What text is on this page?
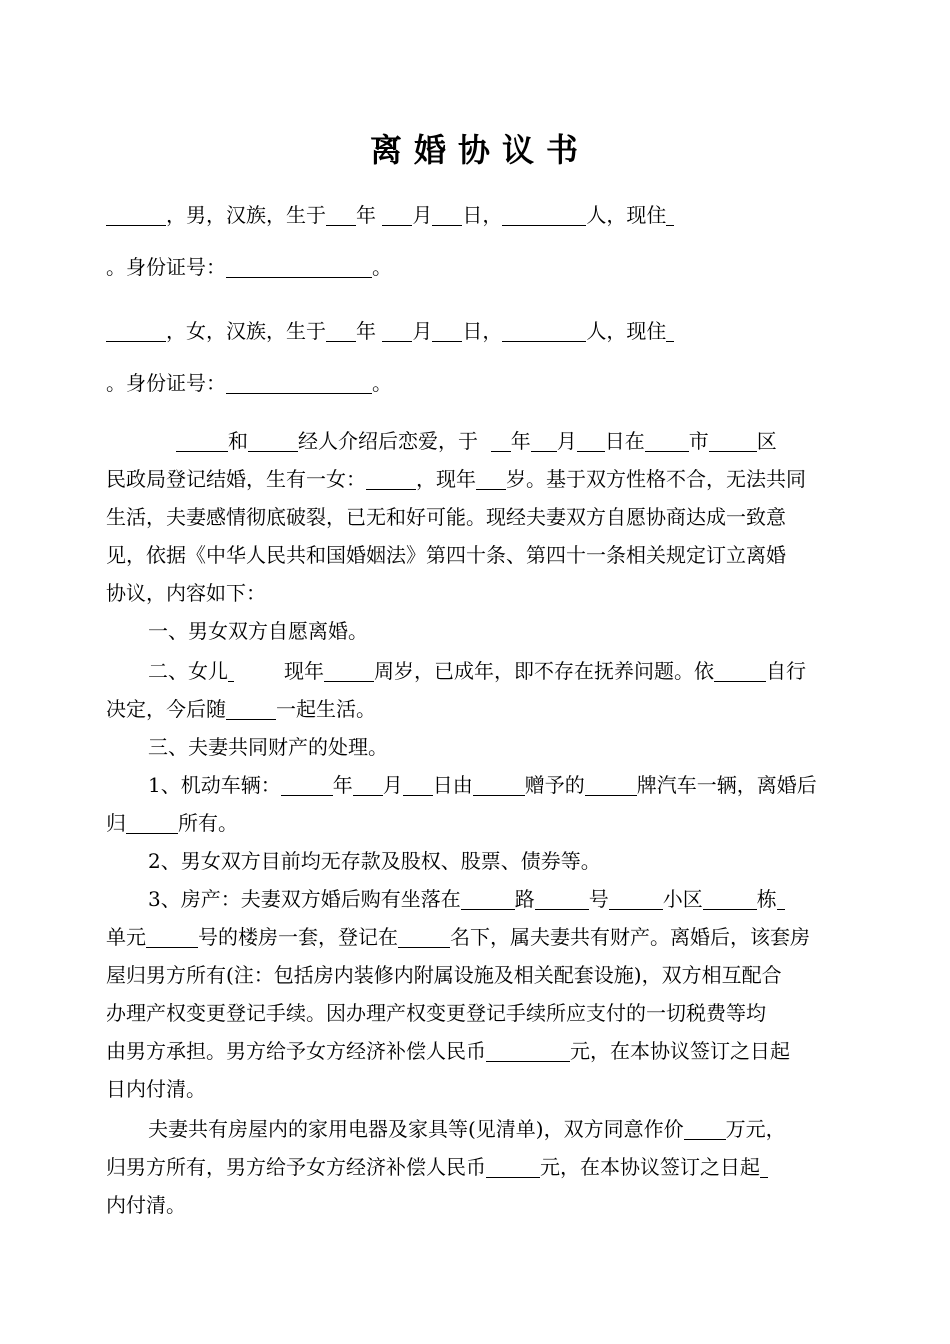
离婚协议书
，男，汉族，生于 年 月 日，	人，现住
。身份证号：	。
，女，汉族，生于 年 月 日，	人，现住
。身份证号：	。
和	经人介绍后恋爱，于 年 月 日在 市 区
民政局登记结婚，生有一女：	，现年 岁。基于双方性格不合，无法共同
生活，夫妻感情彻底破裂，已无和好可能。现经夫妻双方自愿协商达成一致意
见，依据《中华人民共和国婚姻法》第四十条、第四十一条相关规定订立离婚
协议，内容如下：
一、男女双方自愿离婚。
二、女儿	现年	周岁，已成年，即不存在抚养问题。依	自行
决定，今后随	一起生活。
三、夫妻共同财产的处理。
1、机动车辆：	年 月 日由	赠予的	牌汽车一辆，离婚后
归	所有。
2、男女双方目前均无存款及股权、股票、债券等。
3、房产：夫妻双方婚后购有坐落在	路	号	小区	栋
单元	号的楼房一套，登记在	名下，属夫妻共有财产。离婚后，该套房
屋归男方所有(注：包括房内装修内附属设施及相关配套设施)，双方相互配合
办理产权变更登记手续。因办理产权变更登记手续所应支付的一切税费等均
由男方承担。男方给予女方经济补偿人民币	元，在本协议签订之日起
日内付清。
夫妻共有房屋内的家用电器及家具等(见清单)，双方同意作价 万元，
归男方所有，男方给予女方经济补偿人民币	元，在本协议签订之日起
内付清。
